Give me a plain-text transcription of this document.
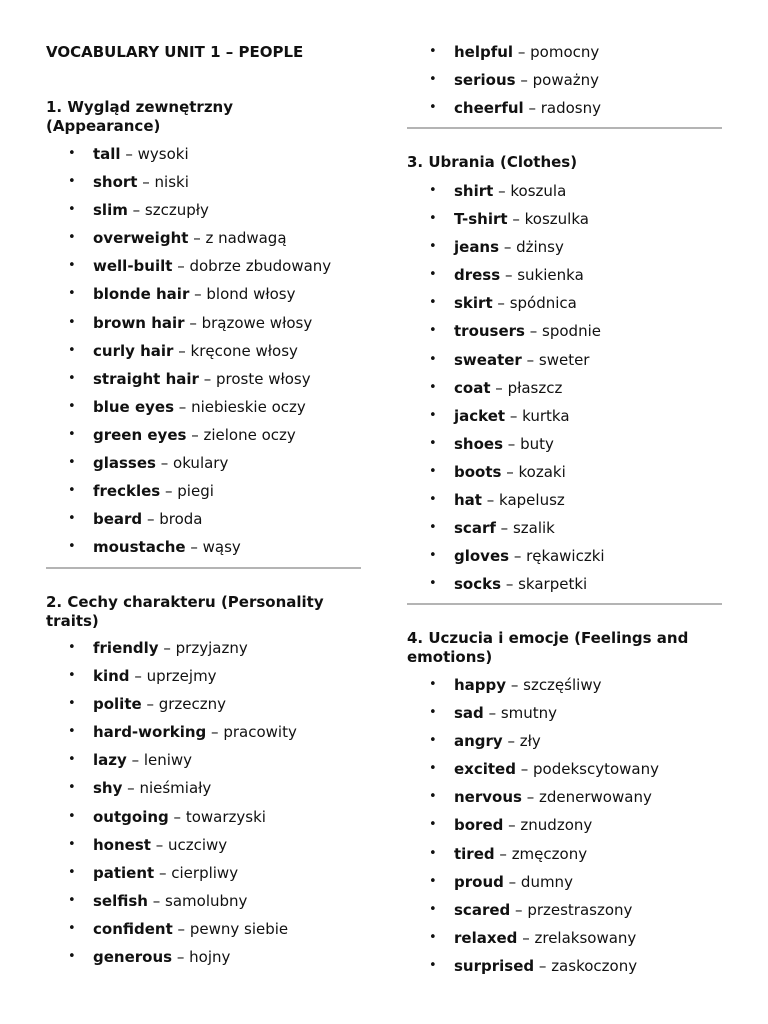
VOCABULARY UNIT 1 – PEOPLE
1. Wygląd zewnętrzny (Appearance)
• tall – wysoki
• short – niski
• slim – szczupły
• overweight – z nadwagą
• well-built – dobrze zbudowany
• blonde hair – blond włosy
• brown hair – brązowe włosy
• curly hair – kręcone włosy
• straight hair – proste włosy
• blue eyes – niebieskie oczy
• green eyes – zielone oczy
• glasses – okulary
• freckles – piegi
• beard – broda
• moustache – wąsy
2. Cechy charakteru (Personality traits)
• friendly – przyjazny
• kind – uprzejmy
• polite – grzeczny
• hard-working – pracowity
• lazy – leniwy
• shy – nieśmiały
• outgoing – towarzyski
• honest – uczciwy
• patient – cierpliwy
• selfish – samolubny
• confident – pewny siebie
• generous – hojny
• helpful – pomocny
• serious – poważny
• cheerful – radosny
3. Ubrania (Clothes)
• shirt – koszula
• T-shirt – koszulka
• jeans – dżinsy
• dress – sukienka
• skirt – spódnica
• trousers – spodnie
• sweater – sweter
• coat – płaszcz
• jacket – kurtka
• shoes – buty
• boots – kozaki
• hat – kapelusz
• scarf – szalik
• gloves – rękawiczki
• socks – skarpetki
4. Uczucia i emocje (Feelings and emotions)
• happy – szczęśliwy
• sad – smutny
• angry – zły
• excited – podekscytowany
• nervous – zdenerwowany
• bored – znudzony
• tired – zmęczony
• proud – dumny
• scared – przestraszony
• relaxed – zrelaksowany
• surprised – zaskoczony
